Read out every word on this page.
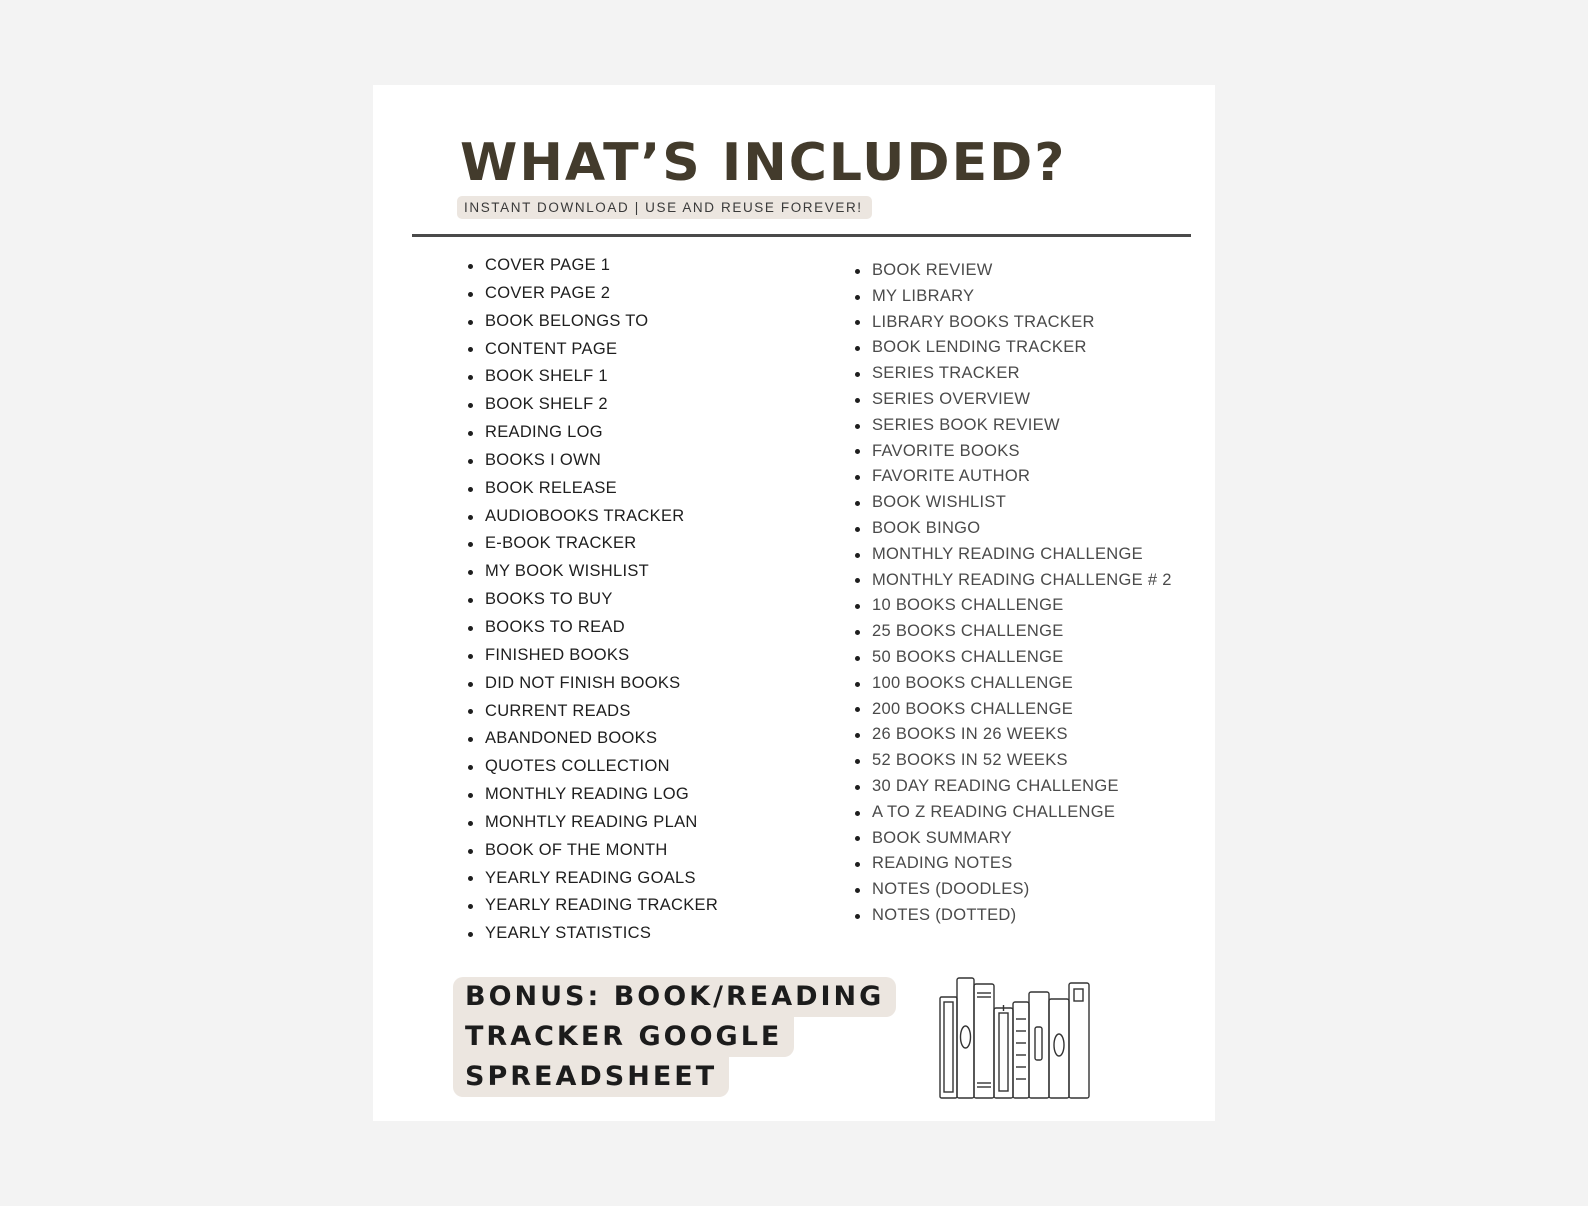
WHAT’S INCLUDED?
INSTANT DOWNLOAD | USE AND REUSE FOREVER!
COVER PAGE 1
COVER PAGE 2
BOOK BELONGS TO
CONTENT PAGE
BOOK SHELF 1
BOOK SHELF 2
READING LOG
BOOKS I OWN
BOOK RELEASE
AUDIOBOOKS TRACKER
E-BOOK TRACKER
MY BOOK WISHLIST
BOOKS TO BUY
BOOKS TO READ
FINISHED BOOKS
DID NOT FINISH BOOKS
CURRENT READS
ABANDONED BOOKS
QUOTES COLLECTION
MONTHLY READING LOG
MONHTLY READING PLAN
BOOK OF THE MONTH
YEARLY READING GOALS
YEARLY READING TRACKER
YEARLY STATISTICS
BOOK REVIEW
MY LIBRARY
LIBRARY BOOKS TRACKER
BOOK LENDING TRACKER
SERIES TRACKER
SERIES OVERVIEW
SERIES BOOK REVIEW
FAVORITE BOOKS
FAVORITE AUTHOR
BOOK WISHLIST
BOOK BINGO
MONTHLY READING CHALLENGE
MONTHLY READING CHALLENGE # 2
10 BOOKS CHALLENGE
25 BOOKS CHALLENGE
50 BOOKS CHALLENGE
100 BOOKS CHALLENGE
200 BOOKS CHALLENGE
26 BOOKS IN 26 WEEKS
52 BOOKS IN 52 WEEKS
30 DAY READING CHALLENGE
A TO Z READING CHALLENGE
BOOK SUMMARY
READING NOTES
NOTES (DOODLES)
NOTES (DOTTED)
BONUS: BOOK/READING
TRACKER GOOGLE
SPREADSHEET
